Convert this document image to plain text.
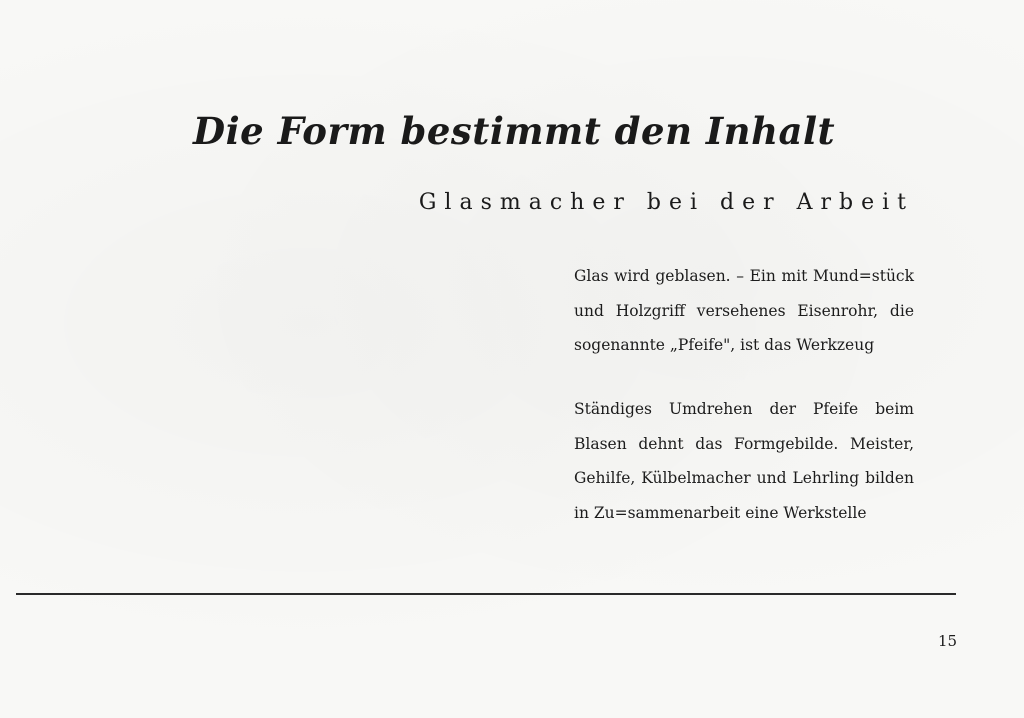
Die Form bestimmt den Inhalt
Glasmacher bei der Arbeit

Glas wird geblasen. – Ein mit Mund=stück und Holzgriff versehenes Eisenrohr, die sogenannte „Pfeife", ist das Werkzeug

Ständiges Umdrehen der Pfeife beim Blasen dehnt das Formgebilde. Meister, Gehilfe, Külbelmacher und Lehrling bilden in Zu=sammenarbeit eine Werkstelle

15
